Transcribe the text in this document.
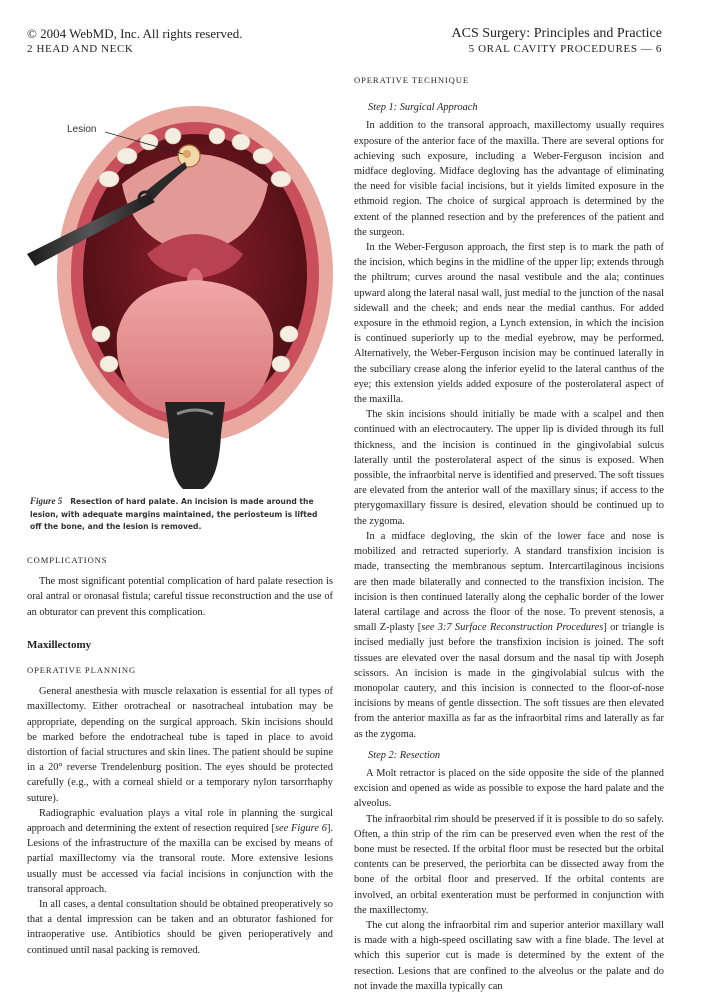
© 2004 WebMD, Inc. All rights reserved.
2 HEAD AND NECK
ACS Surgery: Principles and Practice
5 ORAL CAVITY PROCEDURES — 6
Lesion
Figure 5 Resection of hard palate. An incision is made around the lesion, with adequate margins maintained, the periosteum is lifted off the bone, and the lesion is removed.
COMPLICATIONS

The most significant potential complication of hard palate resection is oral antral or oronasal fistula; careful tissue reconstruction and the use of an obturator can prevent this complication.

Maxillectomy
OPERATIVE PLANNING

General anesthesia with muscle relaxation is essential for all types of maxillectomy. Either orotracheal or nasotracheal intubation may be appropriate, depending on the surgical approach. Skin incisions should be marked before the endotracheal tube is taped in place to avoid distortion of facial structures and skin lines. The patient should be supine in a 20° reverse Trendelenburg position. The eyes should be protected carefully (e.g., with a corneal shield or a temporary nylon tarsorrhaphy suture).

Radiographic evaluation plays a vital role in planning the surgical approach and determining the extent of resection required [see Figure 6]. Lesions of the infrastructure of the maxilla can be excised by means of partial maxillectomy via the transoral route. More extensive lesions usually must be accessed via facial incisions in conjunction with the transoral approach.

In all cases, a dental consultation should be obtained preoperatively so that a dental impression can be taken and an obturator fashioned for intraoperative use. Antibiotics should be given perioperatively and continued until nasal packing is removed.

OPERATIVE TECHNIQUE
Step 1: Surgical Approach

In addition to the transoral approach, maxillectomy usually requires exposure of the anterior face of the maxilla. There are several options for achieving such exposure, including a Weber-Ferguson incision and midface degloving. Midface degloving has the advantage of eliminating the need for visible facial incisions, but it yields limited exposure in the ethmoid region. The choice of surgical approach is determined by the extent of the planned resection and by the preferences of the patient and the surgeon.

In the Weber-Ferguson approach, the first step is to mark the path of the incision, which begins in the midline of the upper lip; extends through the philtrum; curves around the nasal vestibule and the ala; continues upward along the lateral nasal wall, just medial to the junction of the nasal sidewall and the cheek; and ends near the medial canthus. For added exposure in the ethmoid region, a Lynch extension, in which the incision is continued superiorly up to the medial eyebrow, may be performed. Alternatively, the Weber-Ferguson incision may be continued laterally in the subciliary crease along the inferior eyelid to the lateral canthus of the eye; this extension yields added exposure of the posterolateral aspect of the maxilla.

The skin incisions should initially be made with a scalpel and then continued with an electrocautery. The upper lip is divided through its full thickness, and the incision is continued in the gingivolabial sulcus laterally until the posterolateral aspect of the sinus is exposed. When possible, the infraorbital nerve is identified and preserved. The soft tissues are elevated from the anterior wall of the maxillary sinus; if access to the pterygomaxillary fissure is desired, elevation should be continued up to the zygoma.

In a midface degloving, the skin of the lower face and nose is mobilized and retracted superiorly. A standard transfixion incision is made, transecting the membranous septum. Intercartilaginous incisions are then made bilaterally and connected to the transfixion incision. The incision is then continued laterally along the cephalic border of the lower lateral cartilage and across the floor of the nose. To prevent stenosis, a small Z-plasty [see 3:7 Surface Reconstruction Procedures] or triangle is incised medially just before the transfixion incision is joined. The soft tissues are elevated over the nasal dorsum and the nasal tip with Joseph scissors. An incision is made in the gingivolabial sulcus with the monopolar cautery, and this incision is connected to the floor-of-nose incisions by means of gentle dissection. The soft tissues are then elevated from the anterior maxilla as far as the infraorbital rims and laterally as far as the zygoma.

Step 2: Resection

A Molt retractor is placed on the side opposite the side of the planned excision and opened as wide as possible to expose the hard palate and the alveolus.

The infraorbital rim should be preserved if it is possible to do so safely. Often, a thin strip of the rim can be preserved even when the rest of the bone must be resected. If the orbital floor must be resected but the orbital contents can be preserved, the periorbita can be dissected away from the bone of the orbital floor and preserved. If the orbital contents are involved, an orbital exenteration must be performed in conjunction with the maxillectomy.

The cut along the infraorbital rim and superior anterior maxillary wall is made with a high-speed oscillating saw with a fine blade. The level at which this superior cut is made is determined by the extent of the resection. Lesions that are confined to the alveolus or the palate and do not invade the maxilla typically can
